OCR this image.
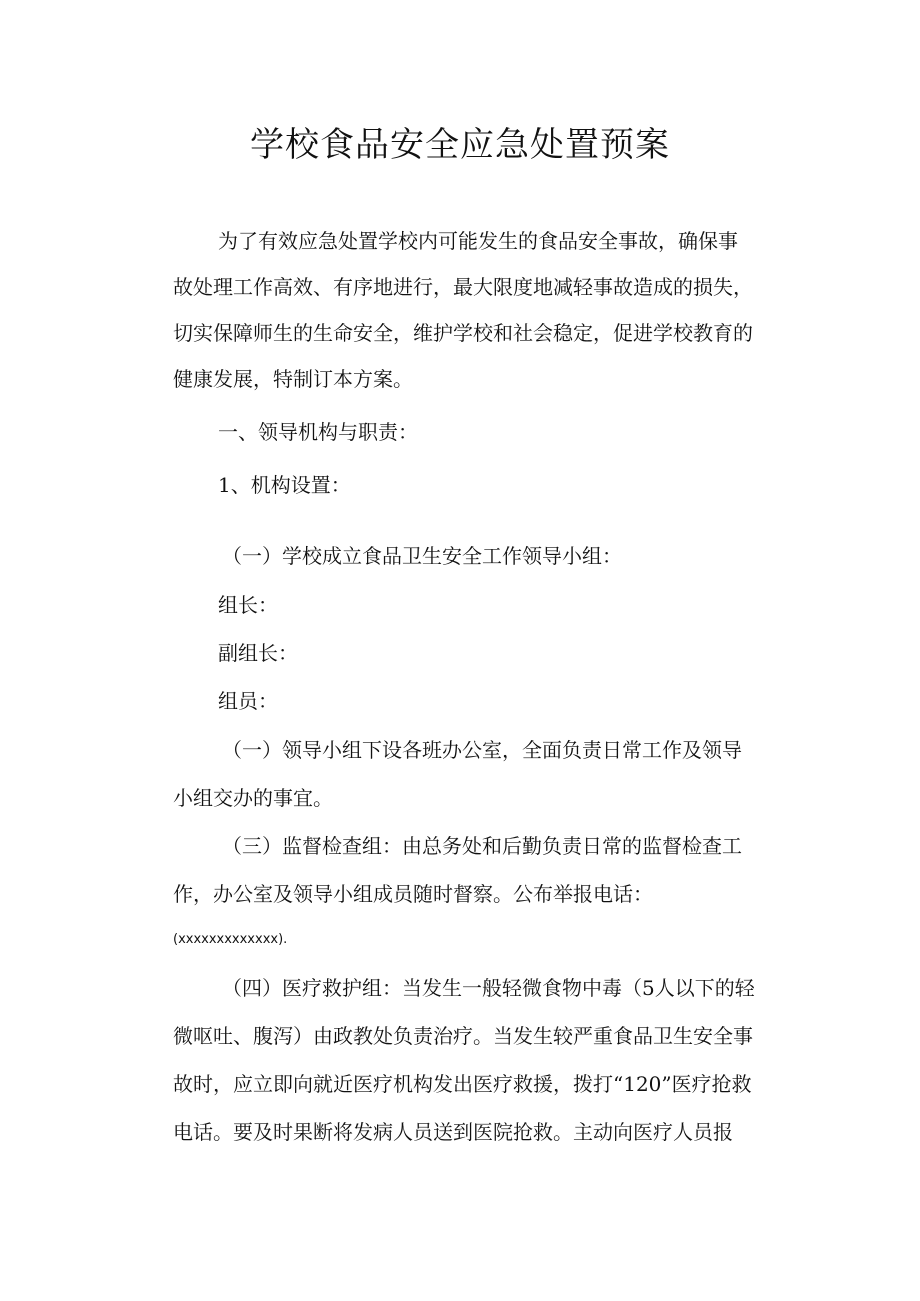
学校食品安全应急处置预案
为了有效应急处置学校内可能发生的食品安全事故，确保事
故处理工作高效、有序地进行，最大限度地减轻事故造成的损失，
切实保障师生的生命安全，维护学校和社会稳定，促进学校教育的
健康发展，特制订本方案。
一、领导机构与职责：
1、机构设置：
（一）学校成立食品卫生安全工作领导小组：
组长：
副组长：
组员：
（一）领导小组下设各班办公室，全面负责日常工作及领导
小组交办的事宜。
（三）监督检查组：由总务处和后勤负责日常的监督检查工
作，办公室及领导小组成员随时督察。公布举报电话：
(xxxxxxxxxxxxx).
（四）医疗救护组：当发生一般轻微食物中毒（5人以下的轻
微呕吐、腹泻）由政教处负责治疗。当发生较严重食品卫生安全事
故时，应立即向就近医疗机构发出医疗救援，拨打“120”医疗抢救
电话。要及时果断将发病人员送到医院抢救。主动向医疗人员报
